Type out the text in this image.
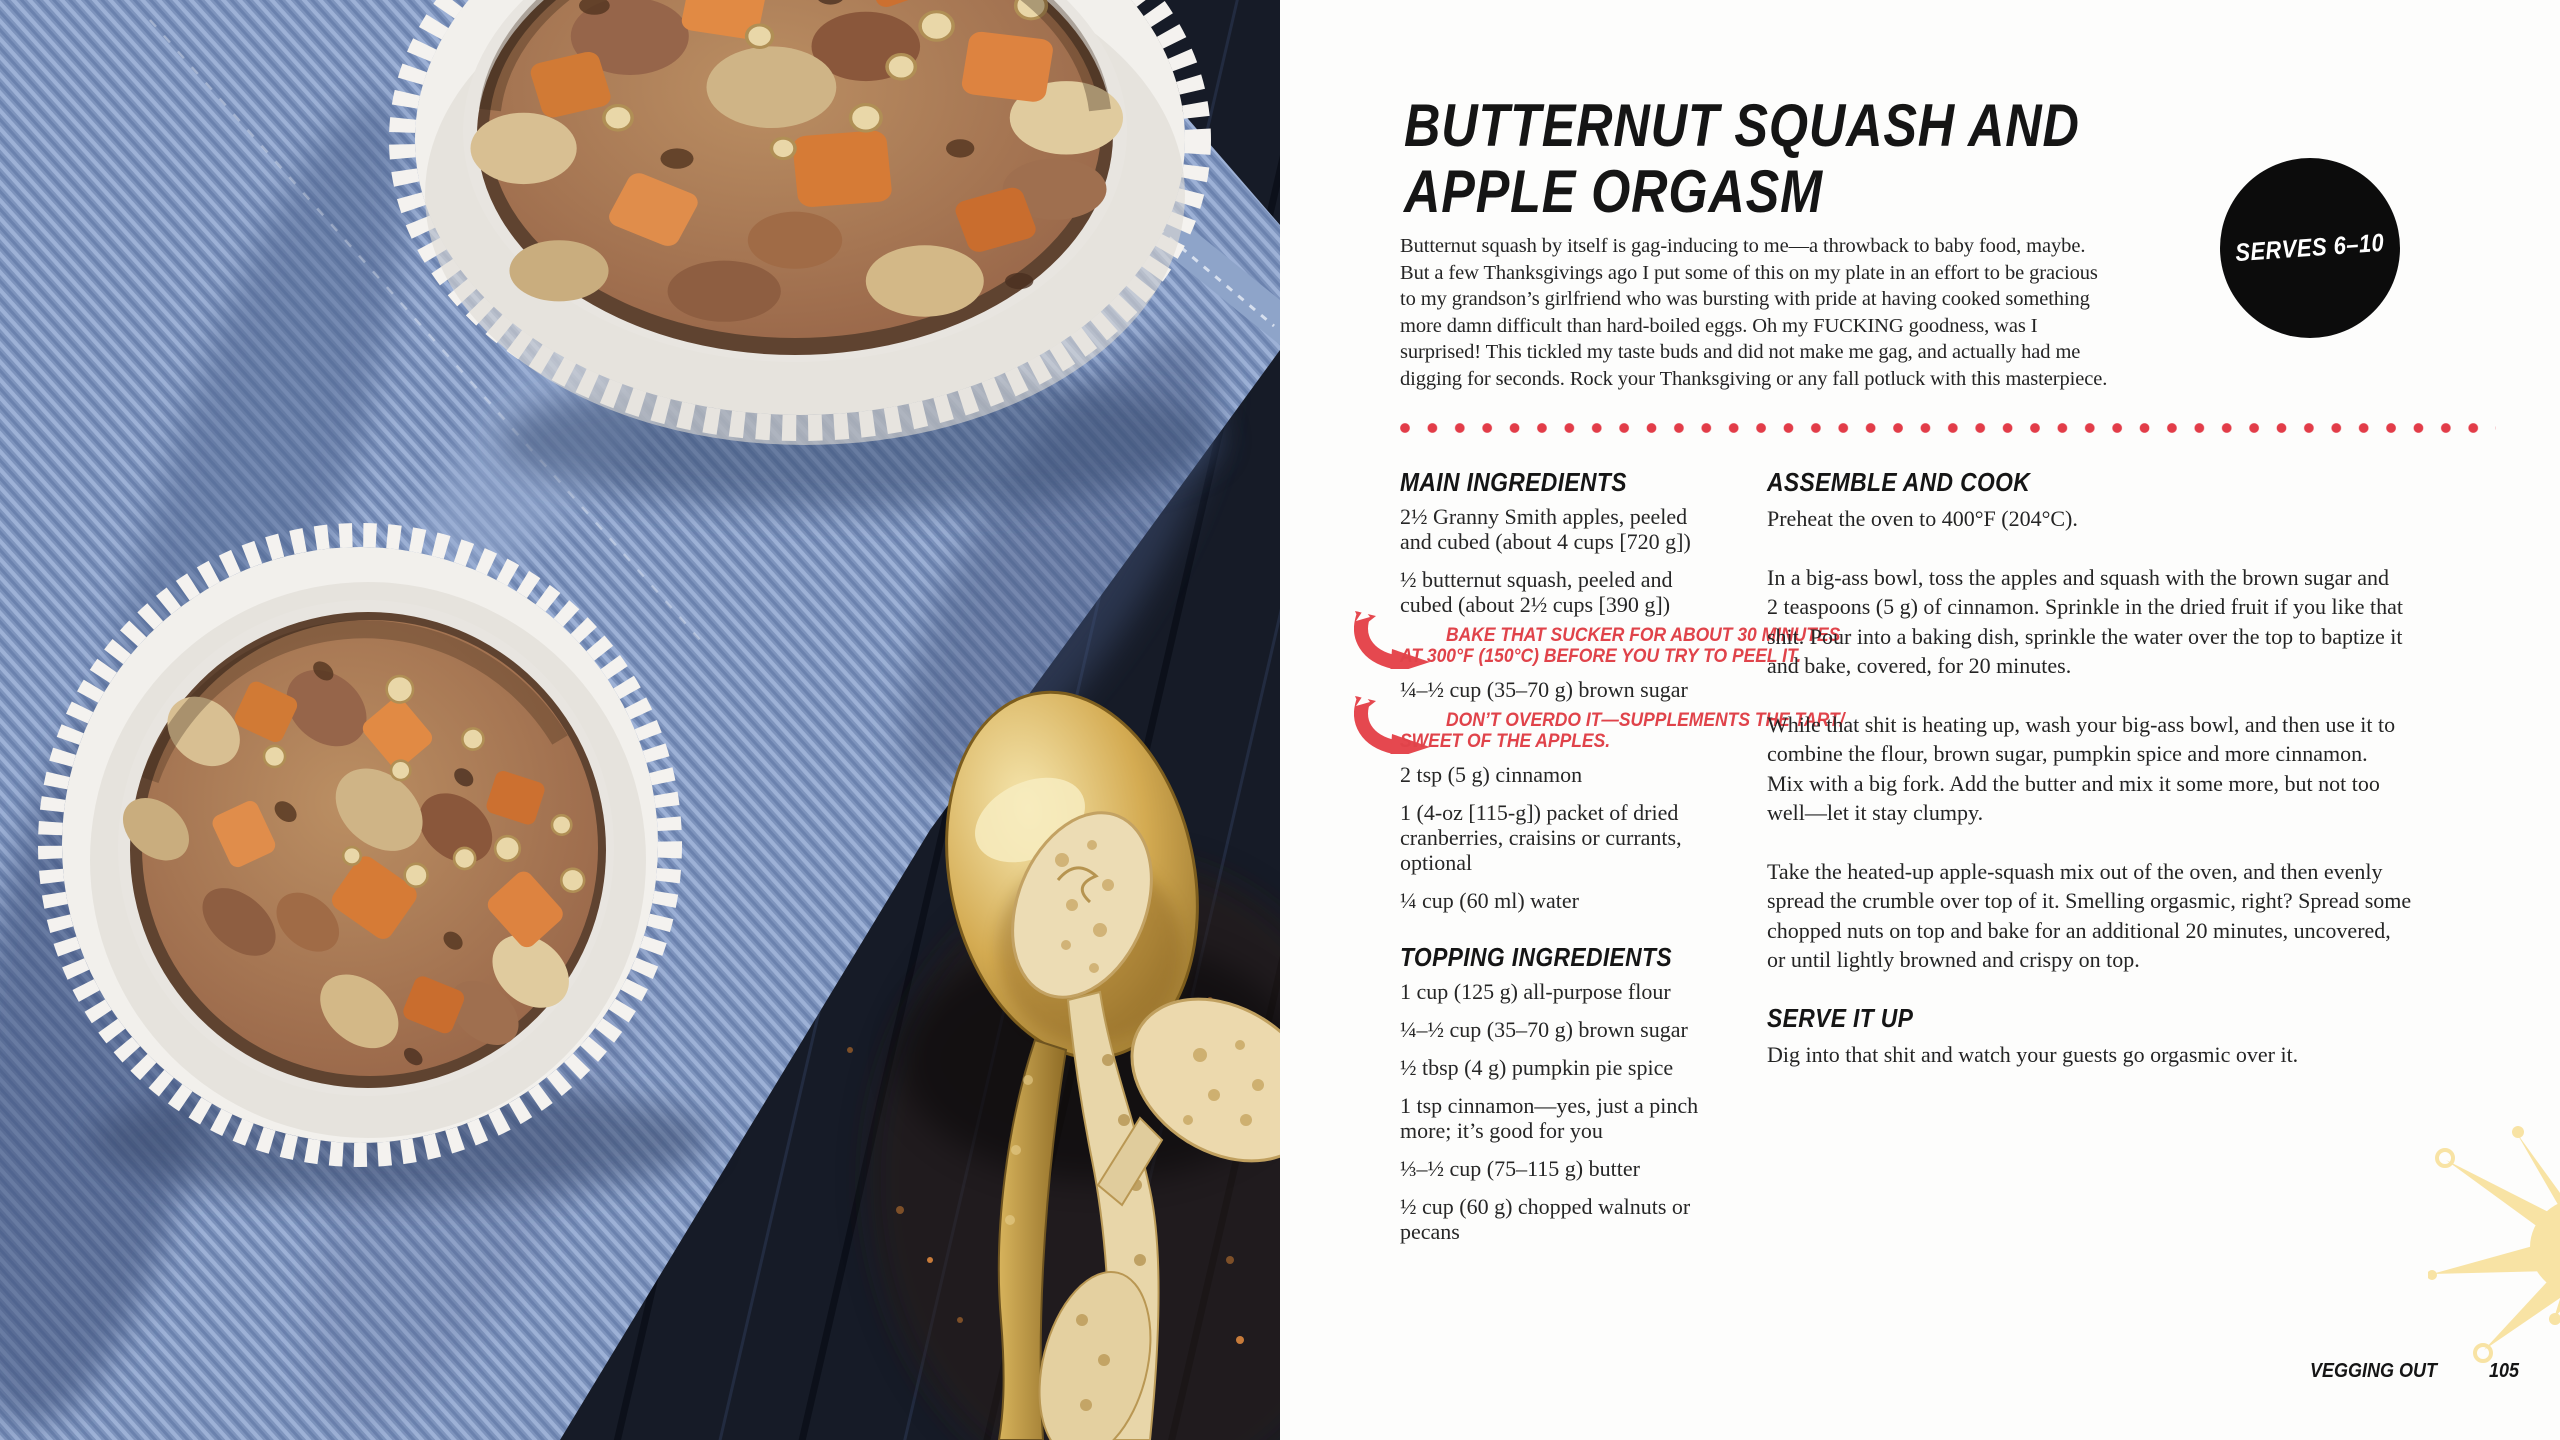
BUTTERNUT SQUASH AND
APPLE ORGASM
SERVES 6–10
Butternut squash by itself is gag-inducing to me—a throwback to baby food, maybe.
But a few Thanksgivings ago I put some of this on my plate in an effort to be gracious
to my grandson’s girlfriend who was bursting with pride at having cooked something
more damn difficult than hard-boiled eggs. Oh my FUCKING goodness, was I
surprised! This tickled my taste buds and did not make me gag, and actually had me
digging for seconds. Rock your Thanksgiving or any fall potluck with this masterpiece.
MAIN INGREDIENTS
2½ Granny Smith apples, peeled
and cubed (about 4 cups [720 g])
½ butternut squash, peeled and
cubed (about 2½ cups [390 g])
BAKE THAT SUCKER FOR ABOUT 30 MINUTES
AT 300°F (150°C) BEFORE YOU TRY TO PEEL IT.
¼–½ cup (35–70 g) brown sugar
DON’T OVERDO IT—SUPPLEMENTS THE TART/
SWEET OF THE APPLES.
2 tsp (5 g) cinnamon
1 (4-oz [115-g]) packet of dried
cranberries, craisins or currants,
optional
¼ cup (60 ml) water
TOPPING INGREDIENTS
1 cup (125 g) all-purpose flour
¼–½ cup (35–70 g) brown sugar
½ tbsp (4 g) pumpkin pie spice
1 tsp cinnamon—yes, just a pinch
more; it’s good for you
⅓–½ cup (75–115 g) butter
½ cup (60 g) chopped walnuts or
pecans
ASSEMBLE AND COOK
Preheat the oven to 400°F (204°C).
In a big-ass bowl, toss the apples and squash with the brown sugar and
2 teaspoons (5 g) of cinnamon. Sprinkle in the dried fruit if you like that
shit. Pour into a baking dish, sprinkle the water over the top to baptize it
and bake, covered, for 20 minutes.
While that shit is heating up, wash your big-ass bowl, and then use it to
combine the flour, brown sugar, pumpkin spice and more cinnamon.
Mix with a big fork. Add the butter and mix it some more, but not too
well—let it stay clumpy.
Take the heated-up apple-squash mix out of the oven, and then evenly
spread the crumble over top of it. Smelling orgasmic, right? Spread some
chopped nuts on top and bake for an additional 20 minutes, uncovered,
or until lightly browned and crispy on top.
SERVE IT UP
Dig into that shit and watch your guests go orgasmic over it.
VEGGING OUT	105
